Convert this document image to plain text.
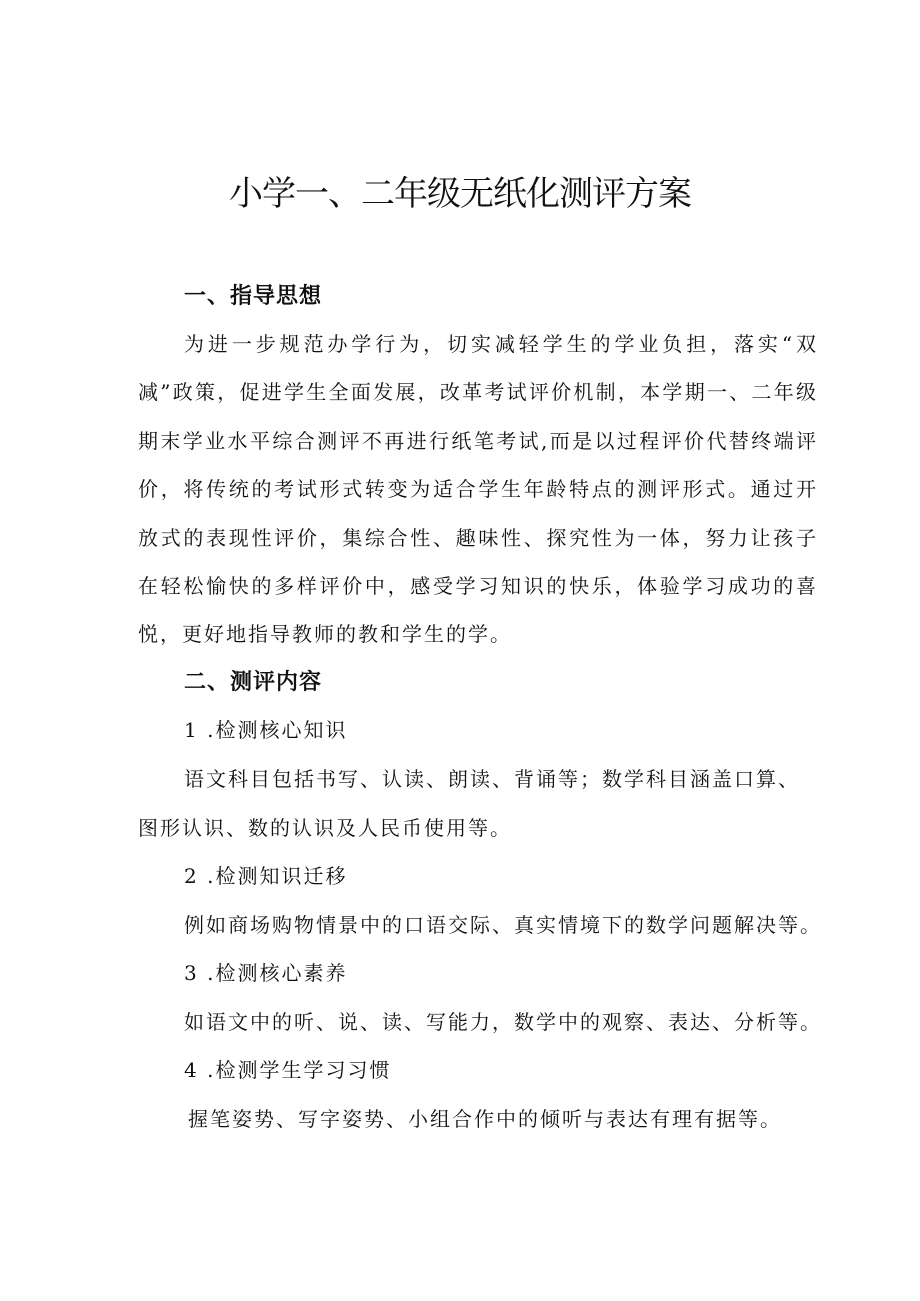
小学一、二年级无纸化测评方案
一、指导思想
为进一步规范办学行为，切实减轻学生的学业负担，落实“双减”政策，促进学生全面发展，改革考试评价机制，本学期一、二年级期末学业水平综合测评不再进行纸笔考试,而是以过程评价代替终端评价，将传统的考试形式转变为适合学生年龄特点的测评形式。通过开放式的表现性评价，集综合性、趣味性、探究性为一体，努力让孩子在轻松愉快的多样评价中，感受学习知识的快乐，体验学习成功的喜悦，更好地指导教师的教和学生的学。
二、测评内容
1 .检测核心知识
语文科目包括书写、认读、朗读、背诵等；数学科目涵盖口算、
图形认识、数的认识及人民币使用等。
2 .检测知识迁移
例如商场购物情景中的口语交际、真实情境下的数学问题解决等。
3 .检测核心素养
如语文中的听、说、读、写能力，数学中的观察、表达、分析等。
4 .检测学生学习习惯
握笔姿势、写字姿势、小组合作中的倾听与表达有理有据等。
